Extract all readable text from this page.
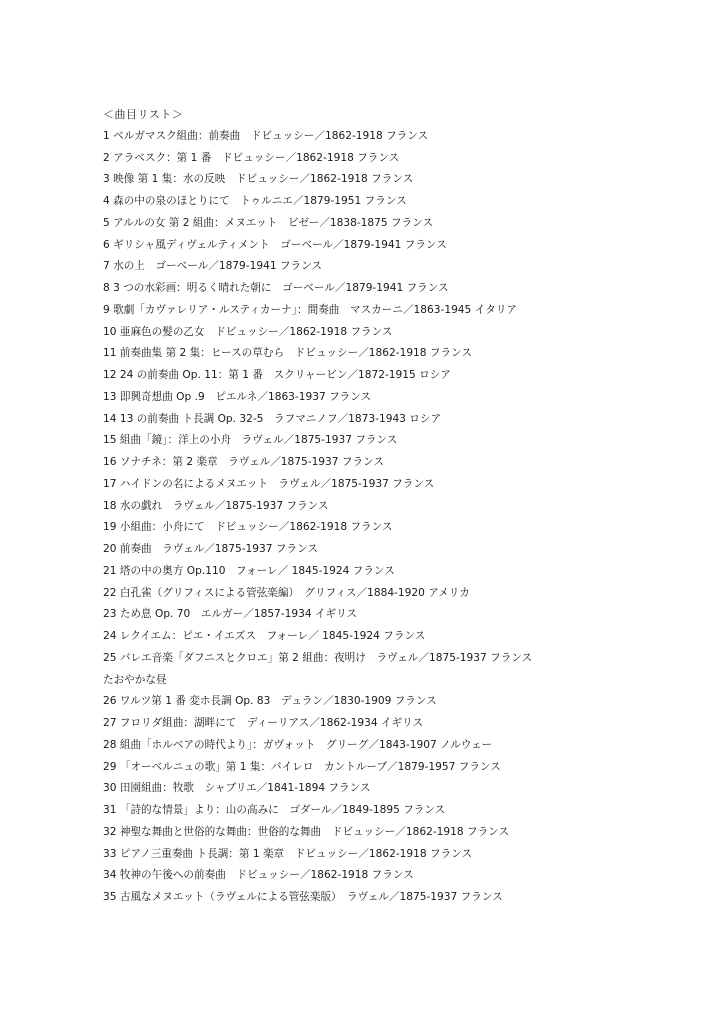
＜曲目リスト＞
1 ベルガマスク組曲：前奏曲　ドビュッシー／1862-1918 フランス
2 アラベスク：第 1 番　ドビュッシー／1862-1918 フランス
3 映像 第 1 集：水の反映　ドビュッシー／1862-1918 フランス
4 森の中の泉のほとりにて　トゥルニエ／1879-1951 フランス
5 アルルの女 第 2 組曲：メヌエット　ビゼー／1838-1875 フランス
6 ギリシャ風ディヴェルティメント　ゴーベール／1879-1941 フランス
7 水の上　ゴーベール／1879-1941 フランス
8 3 つの水彩画：明るく晴れた朝に　ゴーベール／1879-1941 フランス
9 歌劇「カヴァレリア・ルスティカーナ」：間奏曲　マスカーニ／1863-1945 イタリア
10 亜麻色の髪の乙女　ドビュッシー／1862-1918 フランス
11 前奏曲集 第 2 集：ヒースの草むら　ドビュッシー／1862-1918 フランス
12 24 の前奏曲 Op. 11：第 1 番　スクリャービン／1872-1915 ロシア
13 即興奇想曲 Op .9　ピエルネ／1863-1937 フランス
14 13 の前奏曲 ト長調 Op. 32-5　ラフマニノフ／1873-1943 ロシア
15 組曲「鏡」：洋上の小舟　ラヴェル／1875-1937 フランス
16 ソナチネ：第 2 楽章　ラヴェル／1875-1937 フランス
17 ハイドンの名によるメヌエット　ラヴェル／1875-1937 フランス
18 水の戯れ　ラヴェル／1875-1937 フランス
19 小組曲：小舟にて　ドビュッシー／1862-1918 フランス
20 前奏曲　ラヴェル／1875-1937 フランス
21 塔の中の奥方 Op.110　フォーレ／ 1845-1924 フランス
22 白孔雀（グリフィスによる管弦楽編）　グリフィス／1884-1920 アメリカ
23 ため息 Op. 70　エルガー／1857-1934 イギリス
24 レクイエム：ピエ・イエズス　フォーレ／ 1845-1924 フランス
25 バレエ音楽「ダフニスとクロエ」第 2 組曲：夜明け　ラヴェル／1875-1937 フランス
たおやかな昼
26 ワルツ第 1 番 変ホ長調 Op. 83　デュラン／1830-1909 フランス
27 フロリダ組曲：湖畔にて　ディーリアス／1862-1934 イギリス
28 組曲「ホルベアの時代より」：ガヴォット　グリーグ／1843-1907 ノルウェー
29 「オーベルニュの歌」第 1 集：バイレロ　カントルーブ／1879-1957 フランス
30 田園組曲：牧歌　シャブリエ／1841-1894 フランス
31 「詩的な情景」より：山の高みに　ゴダール／1849-1895 フランス
32 神聖な舞曲と世俗的な舞曲：世俗的な舞曲　ドビュッシー／1862-1918 フランス
33 ピアノ三重奏曲 ト長調：第 1 楽章　ドビュッシー／1862-1918 フランス
34 牧神の午後への前奏曲　ドビュッシー／1862-1918 フランス
35 古風なメヌエット（ラヴェルによる管弦楽版）　ラヴェル／1875-1937 フランス
